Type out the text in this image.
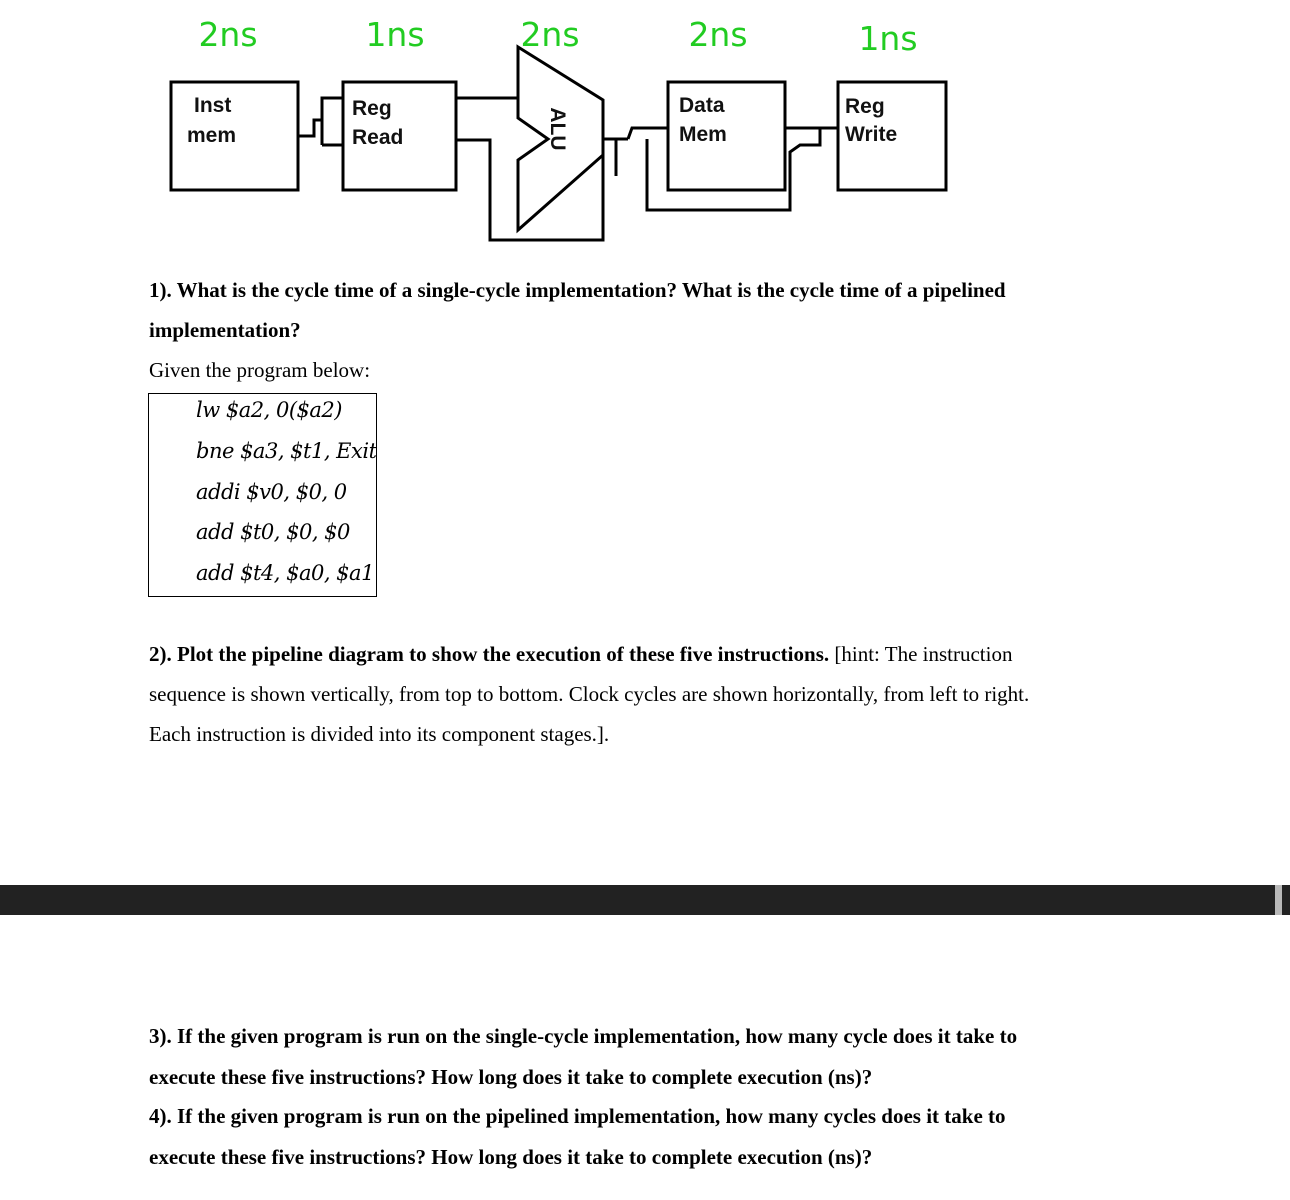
2ns	1ns	2ns	2ns	1ns
Inst
mem
Reg
Read	ALU
Data
Mem
Reg
Write
1). What is the cycle time of a single-cycle implementation? What is the cycle time of a pipelined
implementation?
Given the program below:
lw $a2, 0($a2)
bne $a3, $t1, Exit
addi $v0, $0, 0
add $t0, $0, $0
add $t4, $a0, $a1
2). Plot the pipeline diagram to show the execution of these five instructions. [hint: The instruction
sequence is shown vertically, from top to bottom. Clock cycles are shown horizontally, from left to right.
Each instruction is divided into its component stages.].
3). If the given program is run on the single-cycle implementation, how many cycle does it take to
execute these five instructions? How long does it take to complete execution (ns)?
4). If the given program is run on the pipelined implementation, how many cycles does it take to
execute these five instructions? How long does it take to complete execution (ns)?
